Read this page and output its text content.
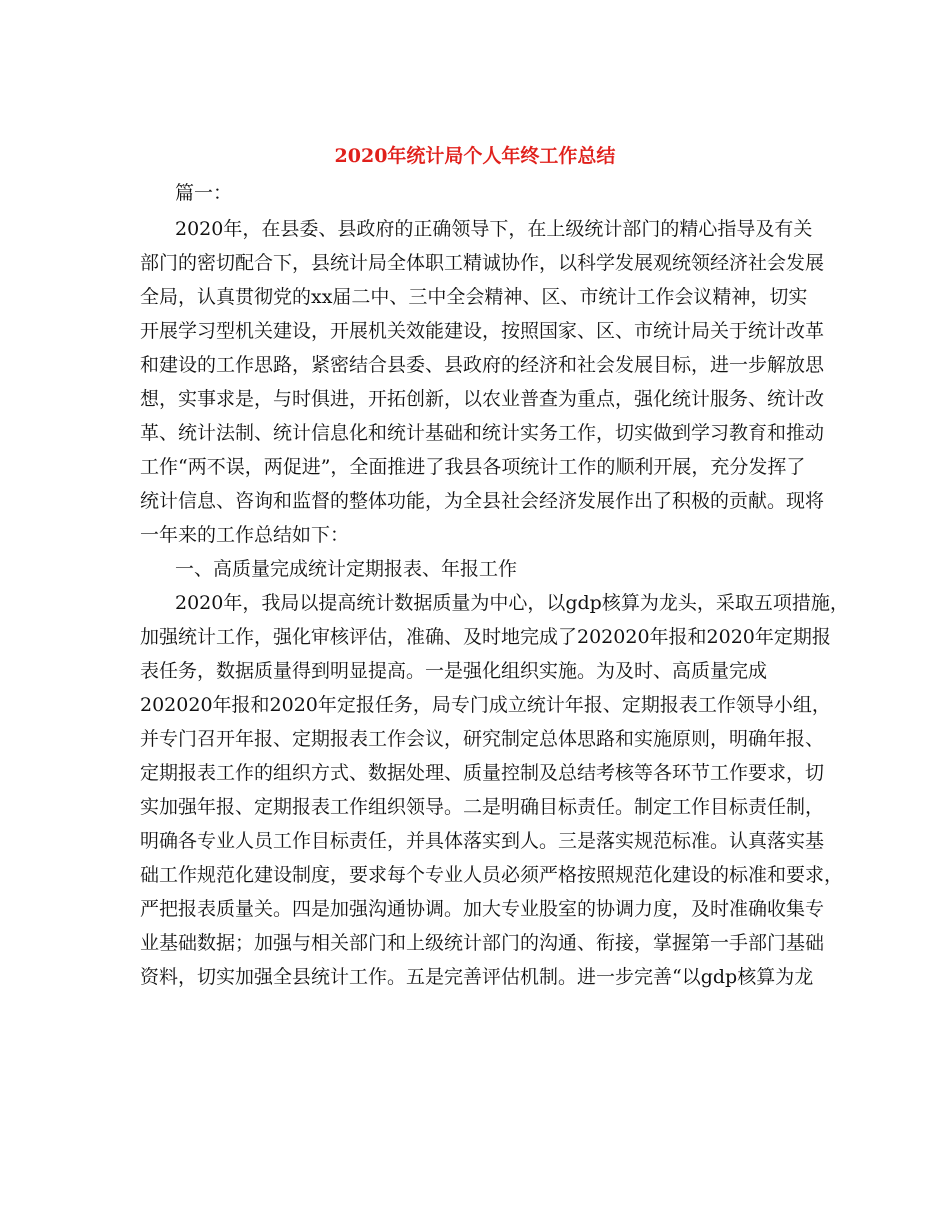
2020年统计局个人年终工作总结
篇一：
2020年，在县委、县政府的正确领导下，在上级统计部门的精心指导及有关
部门的密切配合下，县统计局全体职工精诚协作，以科学发展观统领经济社会发展
全局，认真贯彻党的xx届二中、三中全会精神、区、市统计工作会议精神，切实
开展学习型机关建设，开展机关效能建设，按照国家、区、市统计局关于统计改革
和建设的工作思路，紧密结合县委、县政府的经济和社会发展目标，进一步解放思
想，实事求是，与时俱进，开拓创新，以农业普查为重点，强化统计服务、统计改
革、统计法制、统计信息化和统计基础和统计实务工作，切实做到学习教育和推动
工作“两不误，两促进”，全面推进了我县各项统计工作的顺利开展，充分发挥了
统计信息、咨询和监督的整体功能，为全县社会经济发展作出了积极的贡献。现将
一年来的工作总结如下：
一、高质量完成统计定期报表、年报工作
2020年，我局以提高统计数据质量为中心，以gdp核算为龙头，采取五项措施，
加强统计工作，强化审核评估，准确、及时地完成了202020年报和2020年定期报
表任务，数据质量得到明显提高。一是强化组织实施。为及时、高质量完成
202020年报和2020年定报任务，局专门成立统计年报、定期报表工作领导小组，
并专门召开年报、定期报表工作会议，研究制定总体思路和实施原则，明确年报、
定期报表工作的组织方式、数据处理、质量控制及总结考核等各环节工作要求，切
实加强年报、定期报表工作组织领导。二是明确目标责任。制定工作目标责任制，
明确各专业人员工作目标责任，并具体落实到人。三是落实规范标准。认真落实基
础工作规范化建设制度，要求每个专业人员必须严格按照规范化建设的标准和要求，
严把报表质量关。四是加强沟通协调。加大专业股室的协调力度，及时准确收集专
业基础数据；加强与相关部门和上级统计部门的沟通、衔接，掌握第一手部门基础
资料，切实加强全县统计工作。五是完善评估机制。进一步完善“以gdp核算为龙
